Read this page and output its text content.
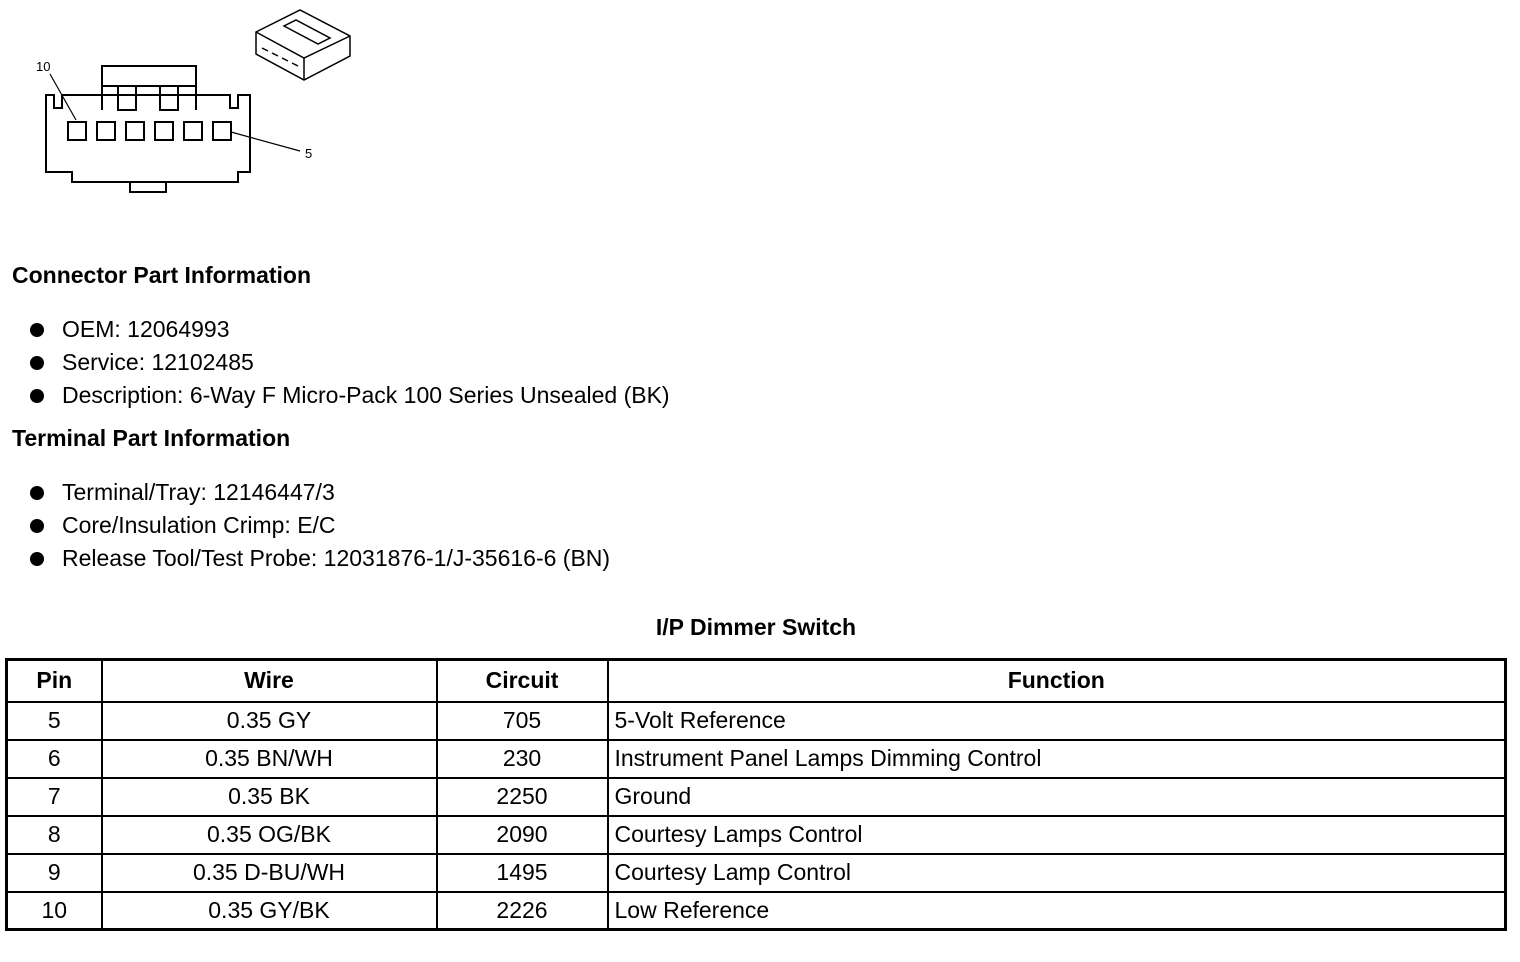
10
5
Connector Part Information
OEM: 12064993
Service: 12102485
Description: 6-Way F Micro-Pack 100 Series Unsealed (BK)
Terminal Part Information
Terminal/Tray: 12146447/3
Core/Insulation Crimp: E/C
Release Tool/Test Probe: 12031876-1/J-35616-6 (BN)
I/P Dimmer Switch
Pin	Wire	Circuit	Function
5	0.35 GY	705	5-Volt Reference
6	0.35 BN/WH	230	Instrument Panel Lamps Dimming Control
7	0.35 BK	2250	Ground
8	0.35 OG/BK	2090	Courtesy Lamps Control
9	0.35 D-BU/WH	1495	Courtesy Lamp Control
10	0.35 GY/BK	2226	Low Reference
